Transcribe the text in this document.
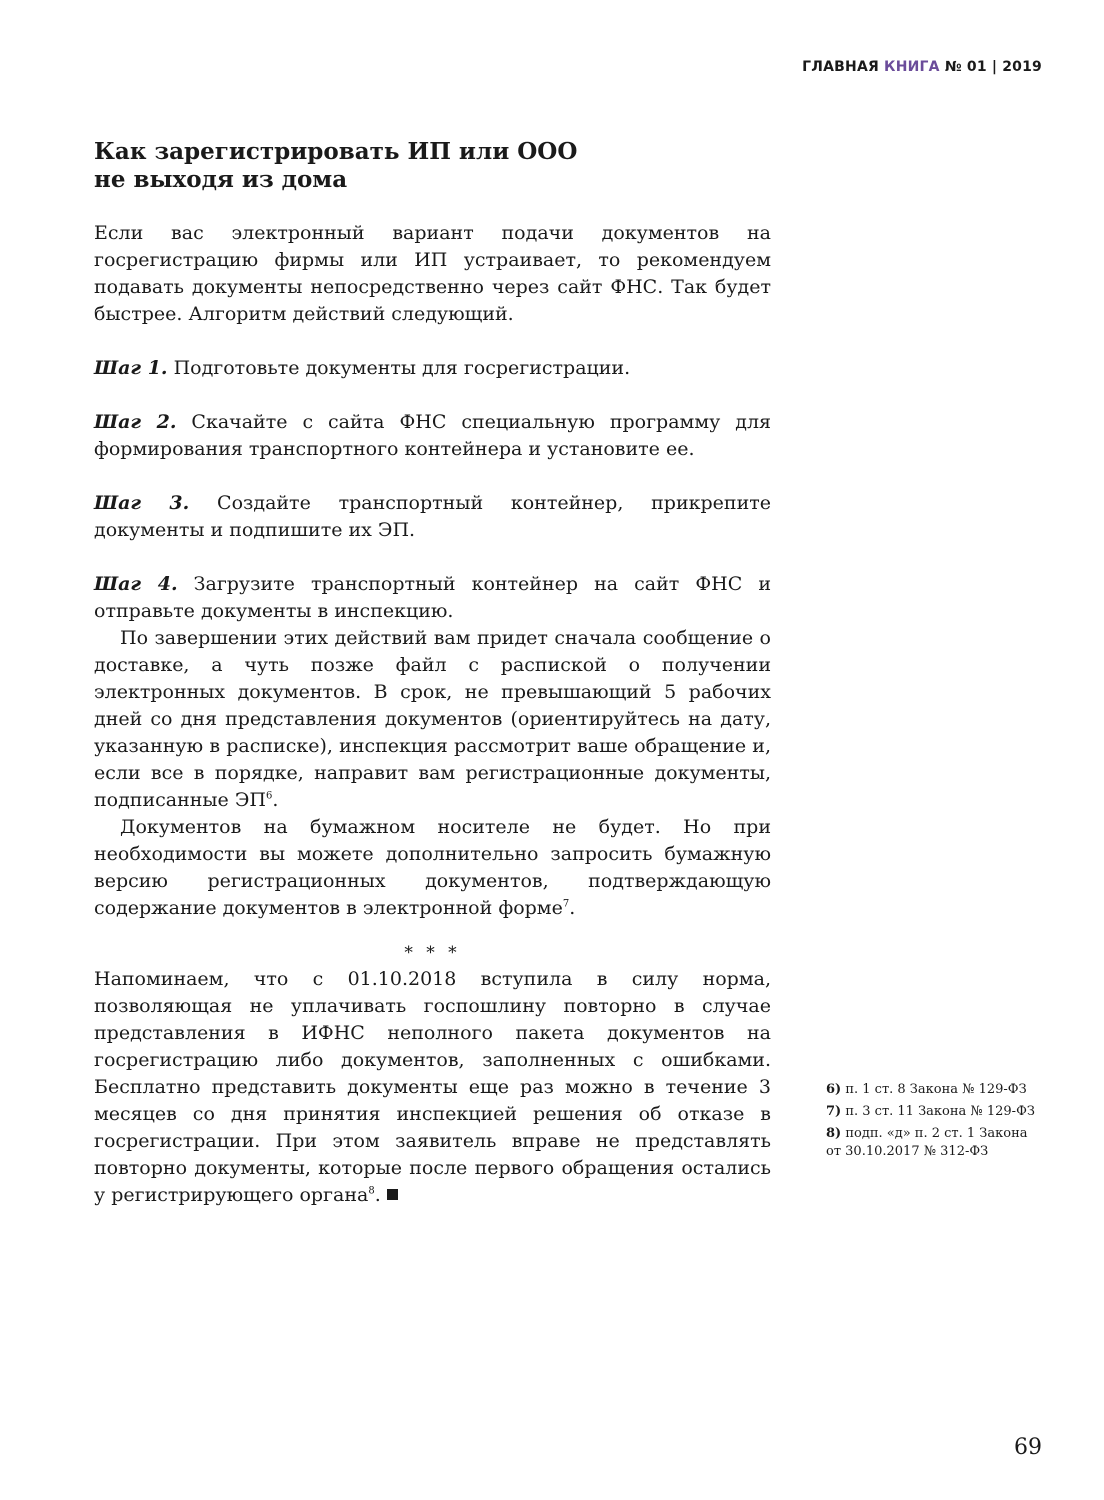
ГЛАВНАЯ КНИГА № 01 | 2019
Как зарегистрировать ИП или ООО
не выходя из дома

Если вас электронный вариант подачи документов на госрегистрацию фирмы или ИП устраивает, то рекомендуем подавать документы непосредственно через сайт ФНС. Так будет быстрее. Алгоритм действий следующий.

Шаг 1. Подготовьте документы для госрегистрации.

Шаг 2. Скачайте с сайта ФНС специальную программу для формирования транспортного контейнера и установите ее.

Шаг 3. Создайте транспортный контейнер, прикрепите документы и подпишите их ЭП.

Шаг 4. Загрузите транспортный контейнер на сайт ФНС и отправьте документы в инспекцию.

По завершении этих действий вам придет сначала сообщение о доставке, а чуть позже файл с распиской о получении электронных документов. В срок, не превышающий 5 рабочих дней со дня представления документов (ориентируйтесь на дату, указанную в расписке), инспекция рассмотрит ваше обращение и, если все в порядке, направит вам регистрационные документы, подписанные $ЭП^6$.

Документов на бумажном носителе не будет. Но при необходимости вы можете дополнительно запросить бумажную версию регистрационных документов, подтверждающую содержание документов в электронной форме$^7$.

* * *

Напоминаем, что с 01.10.2018 вступила в силу норма, позволяющая не уплачивать госпошлину повторно в случае представления в ИФНС неполного пакета документов на госрегистрацию либо документов, заполненных с ошибками. Бесплатно представить документы еще раз можно в течение 3 месяцев со дня принятия инспекцией решения об отказе в госрегистрации. При этом заявитель вправе не представлять повторно документы, которые после первого обращения остались у регистрирующего органа$^8$.

6) п. 1 ст. 8 Закона № 129-ФЗ
7) п. 3 ст. 11 Закона № 129-ФЗ
8) подп. «д» п. 2 ст. 1 Закона от 30.10.2017 № 312-ФЗ
69
